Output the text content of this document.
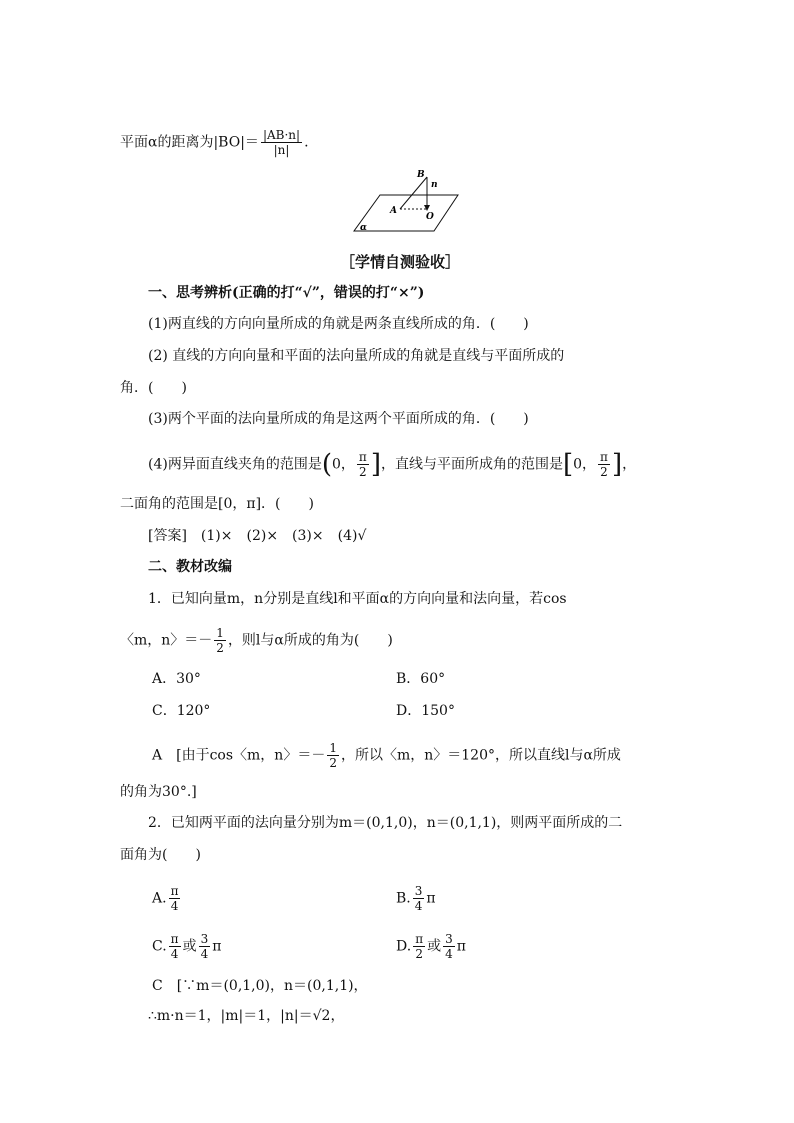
平面α的距离为$|BO|= \frac{|AB\cdot n|}{|n|}$ .
B
n
A
O
α
［学情自测验收］
一、思考辨析(正确的打“√”，错误的打“×”)
(1)两直线的方向向量所成的角就是两条直线所成的角．(　　)
(2) 直线的方向向量和平面的法向量所成的角就是直线与平面所成的
角．(　　)
(3)两个平面的法向量所成的角是这两个平面所成的角．(　　)
(4)两异面直线夹角的范围是(0， $\frac{\pi}{2}$ ]，直线与平面所成角的范围是[0， $\frac{\pi}{2}$ ]，
二面角的范围是[0，π]．(　　)
[答案]　(1)×　(2)×　(3)×　(4)√
二、教材改编
1．已知向量m，n分别是直线l和平面α的方向向量和法向量，若cos
〈m，n〉＝－ $\frac{1}{2}$ ，则l与α所成的角为(　　)
A．30°	B．60°
C．120°	D．150°
A　[由于cos〈m，n〉＝－ $\frac{1}{2}$ ，所以〈m，n〉＝120°，所以直线l与α所成
的角为30°.]
2．已知两平面的法向量分别为m＝(0,1,0)，n＝(0,1,1)，则两平面所成的二
面角为(　　)
A. $\frac{\pi}{4}$	B. $\frac{3}{4}$ π
C. $\frac{\pi}{4}$ 或 $\frac{3}{4}$ π	D. $\frac{\pi}{2}$ 或 $\frac{3}{4}$ π
C　[∵m＝(0,1,0)，n＝(0,1,1)，
∴m·n＝1，|m|＝1，|n|＝√2，
